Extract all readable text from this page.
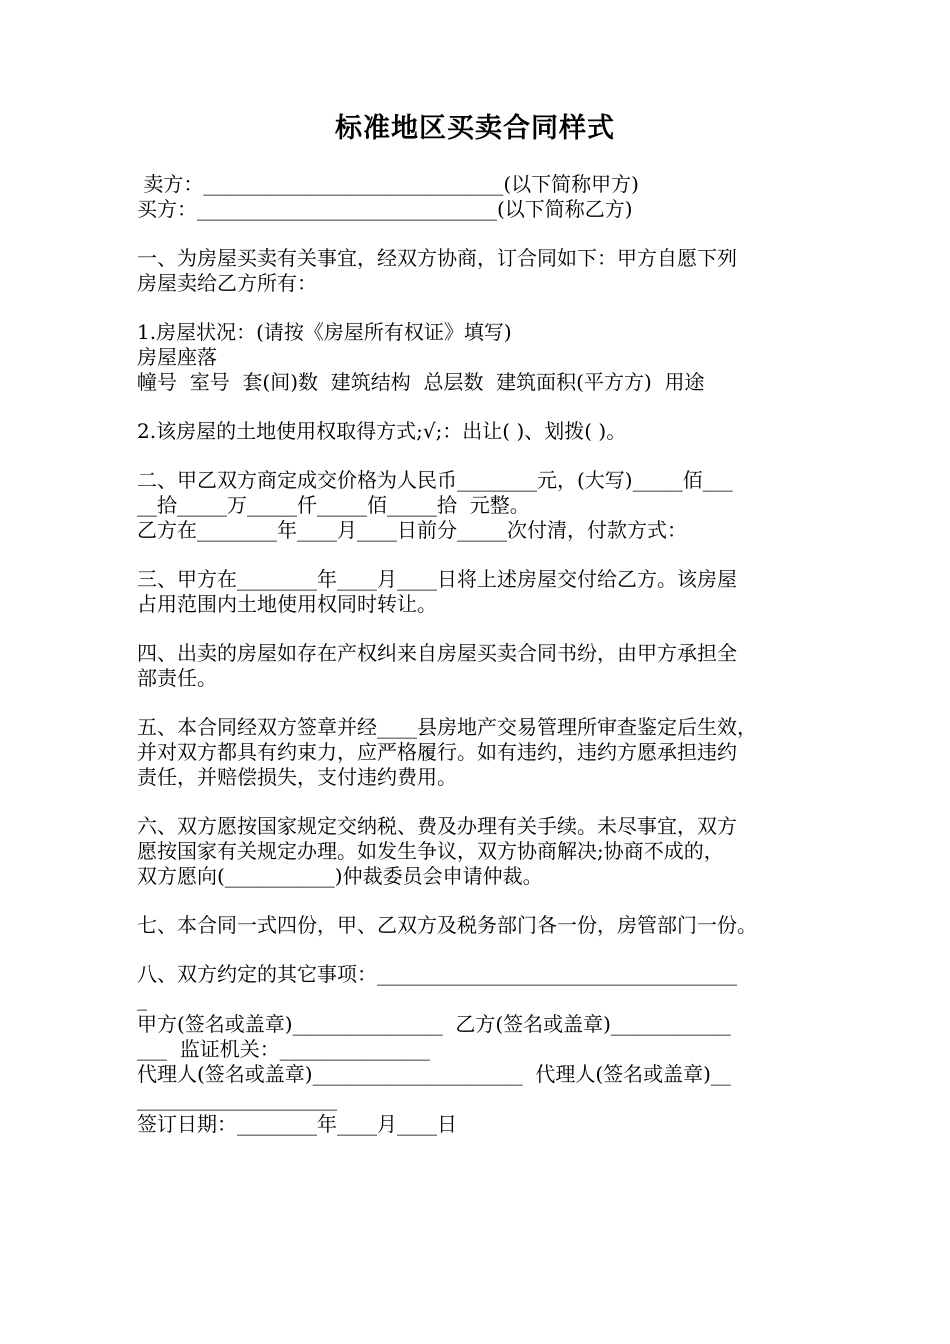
标准地区买卖合同样式
卖方：______________________________(以下简称甲方)
买方：______________________________(以下简称乙方)
一、为房屋买卖有关事宜，经双方协商，订合同如下：甲方自愿下列
房屋卖给乙方所有：
1.房屋状况：(请按《房屋所有权证》填写)
房屋座落
幢号  室号  套(间)数  建筑结构  总层数  建筑面积(平方方)  用途
2.该房屋的土地使用权取得方式;√;：出让( )、划拨( )。
二、甲乙双方商定成交价格为人民币________元，(大写)_____佰___
__拾_____万_____仟_____佰_____拾  元整。
乙方在________年____月____日前分_____次付清，付款方式：
三、甲方在________年____月____日将上述房屋交付给乙方。该房屋
占用范围内土地使用权同时转让。
四、出卖的房屋如存在产权纠来自房屋买卖合同书纷，由甲方承担全
部责任。
五、本合同经双方签章并经____县房地产交易管理所审查鉴定后生效，
并对双方都具有约束力，应严格履行。如有违约，违约方愿承担违约
责任，并赔偿损失，支付违约费用。
六、双方愿按国家规定交纳税、费及办理有关手续。未尽事宜，双方
愿按国家有关规定办理。如发生争议，双方协商解决;协商不成的，
双方愿向(___________)仲裁委员会申请仲裁。
七、本合同一式四份，甲、乙双方及税务部门各一份，房管部门一份。
八、双方约定的其它事项：____________________________________
_
甲方(签名或盖章)_______________  乙方(签名或盖章)____________
___  监证机关：_______________
代理人(签名或盖章)_____________________  代理人(签名或盖章)__
____________________
签订日期：________年____月____日
